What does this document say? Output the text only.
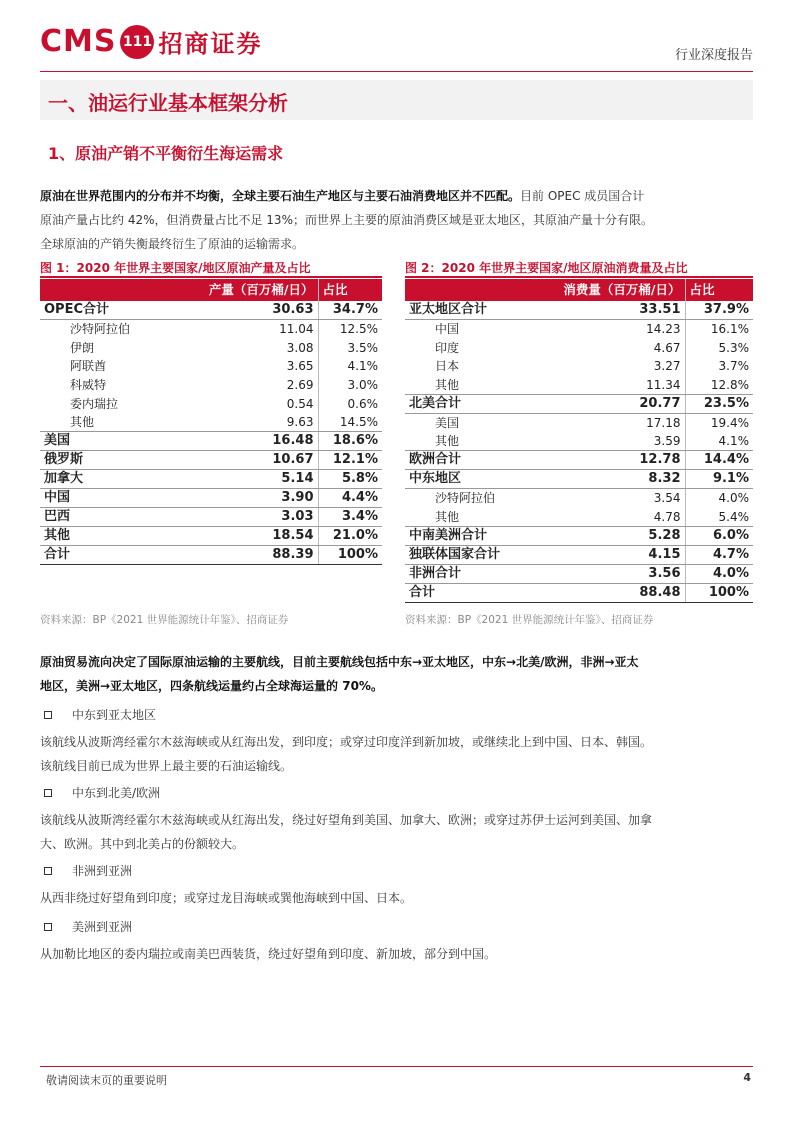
CMS 111 招商证券	行业深度报告
一、油运行业基本框架分析
1、原油产销不平衡衍生海运需求
原油在世界范围内的分布并不均衡，全球主要石油生产地区与主要石油消费地区并不匹配。目前 OPEC 成员国合计
原油产量占比约 42%，但消费量占比不足 13%；而世界上主要的原油消费区域是亚太地区，其原油产量十分有限。
全球原油的产销失衡最终衍生了原油的运输需求。
图 1：2020 年世界主要国家/地区原油产量及占比
	产量（百万桶/日）	占比
OPEC合计	30.63	34.7%
沙特阿拉伯	11.04	12.5%
伊朗	3.08	3.5%
阿联酋	3.65	4.1%
科威特	2.69	3.0%
委内瑞拉	0.54	0.6%
其他	9.63	14.5%
美国	16.48	18.6%
俄罗斯	10.67	12.1%
加拿大	5.14	5.8%
中国	3.90	4.4%
巴西	3.03	3.4%
其他	18.54	21.0%
合计	88.39	100%
资料来源：BP《2021 世界能源统计年鉴》、招商证券
图 2：2020 年世界主要国家/地区原油消费量及占比
	消费量（百万桶/日）	占比
亚太地区合计	33.51	37.9%
中国	14.23	16.1%
印度	4.67	5.3%
日本	3.27	3.7%
其他	11.34	12.8%
北美合计	20.77	23.5%
美国	17.18	19.4%
其他	3.59	4.1%
欧洲合计	12.78	14.4%
中东地区	8.32	9.1%
沙特阿拉伯	3.54	4.0%
其他	4.78	5.4%
中南美洲合计	5.28	6.0%
独联体国家合计	4.15	4.7%
非洲合计	3.56	4.0%
合计	88.48	100%
资料来源：BP《2021 世界能源统计年鉴》、招商证券
原油贸易流向决定了国际原油运输的主要航线，目前主要航线包括中东→亚太地区，中东→北美/欧洲，非洲→亚太
地区，美洲→亚太地区，四条航线运量约占全球海运量的 70%。
中东到亚太地区
该航线从波斯湾经霍尔木兹海峡或从红海出发，到印度；或穿过印度洋到新加坡，或继续北上到中国、日本、韩国。
该航线目前已成为世界上最主要的石油运输线。
中东到北美/欧洲
该航线从波斯湾经霍尔木兹海峡或从红海出发，绕过好望角到美国、加拿大、欧洲；或穿过苏伊士运河到美国、加拿
大、欧洲。其中到北美占的份额较大。
非洲到亚洲
从西非绕过好望角到印度；或穿过龙目海峡或巽他海峡到中国、日本。
美洲到亚洲
从加勒比地区的委内瑞拉或南美巴西装货，绕过好望角到印度、新加坡，部分到中国。
敬请阅读末页的重要说明	4
